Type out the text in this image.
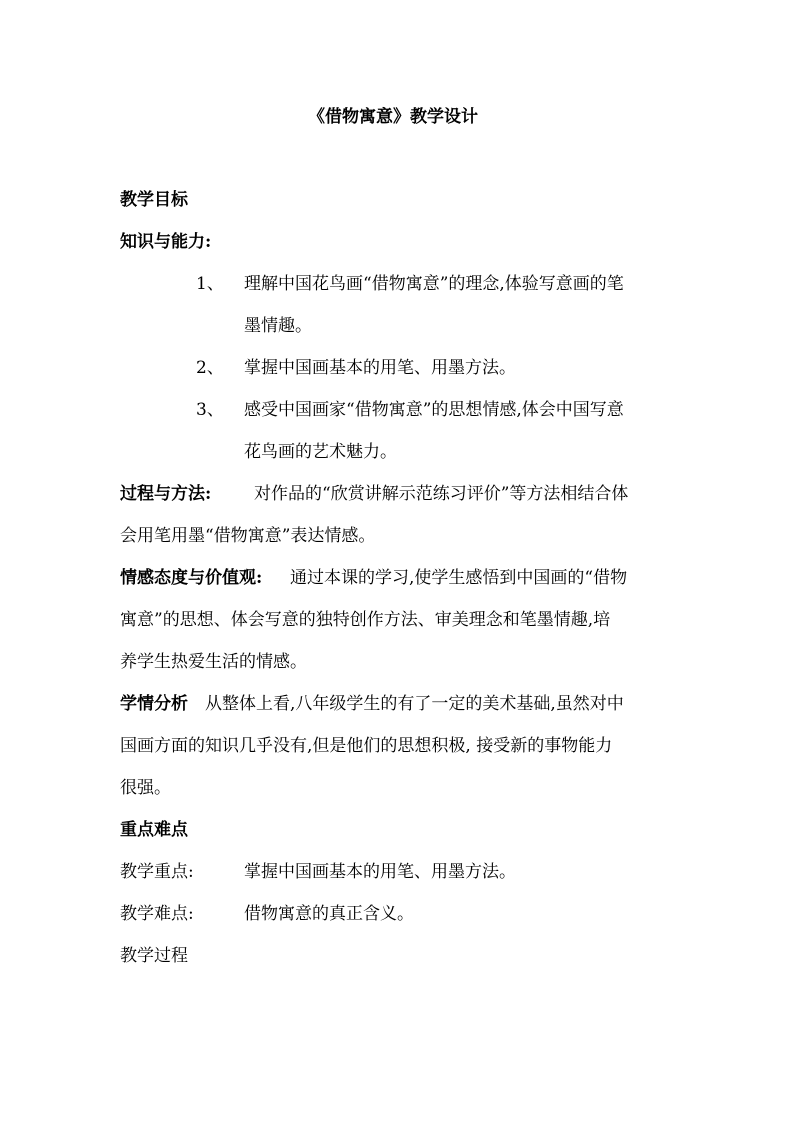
《借物寓意》教学设计
教学目标
知识与能力:
1、 理解中国花鸟画“借物寓意”的理念,体验写意画的笔
墨情趣。
2、 掌握中国画基本的用笔、用墨方法。
3、 感受中国画家“借物寓意”的思想情感,体会中国写意
花鸟画的艺术魅力。
过程与方法:	对作品的“欣赏讲解示范练习评价”等方法相结合体
会用笔用墨“借物寓意”表达情感。
情感态度与价值观: 通过本课的学习,使学生感悟到中国画的“借物
寓意”的思想、体会写意的独特创作方法、审美理念和笔墨情趣,培
养学生热爱生活的情感。
学情分析 从整体上看,八年级学生的有了一定的美术基础,虽然对中
国画方面的知识几乎没有,但是他们的思想积极, 接受新的事物能力
很强。
重点难点
教学重点:	掌握中国画基本的用笔、用墨方法。
教学难点:	借物寓意的真正含义。
教学过程
